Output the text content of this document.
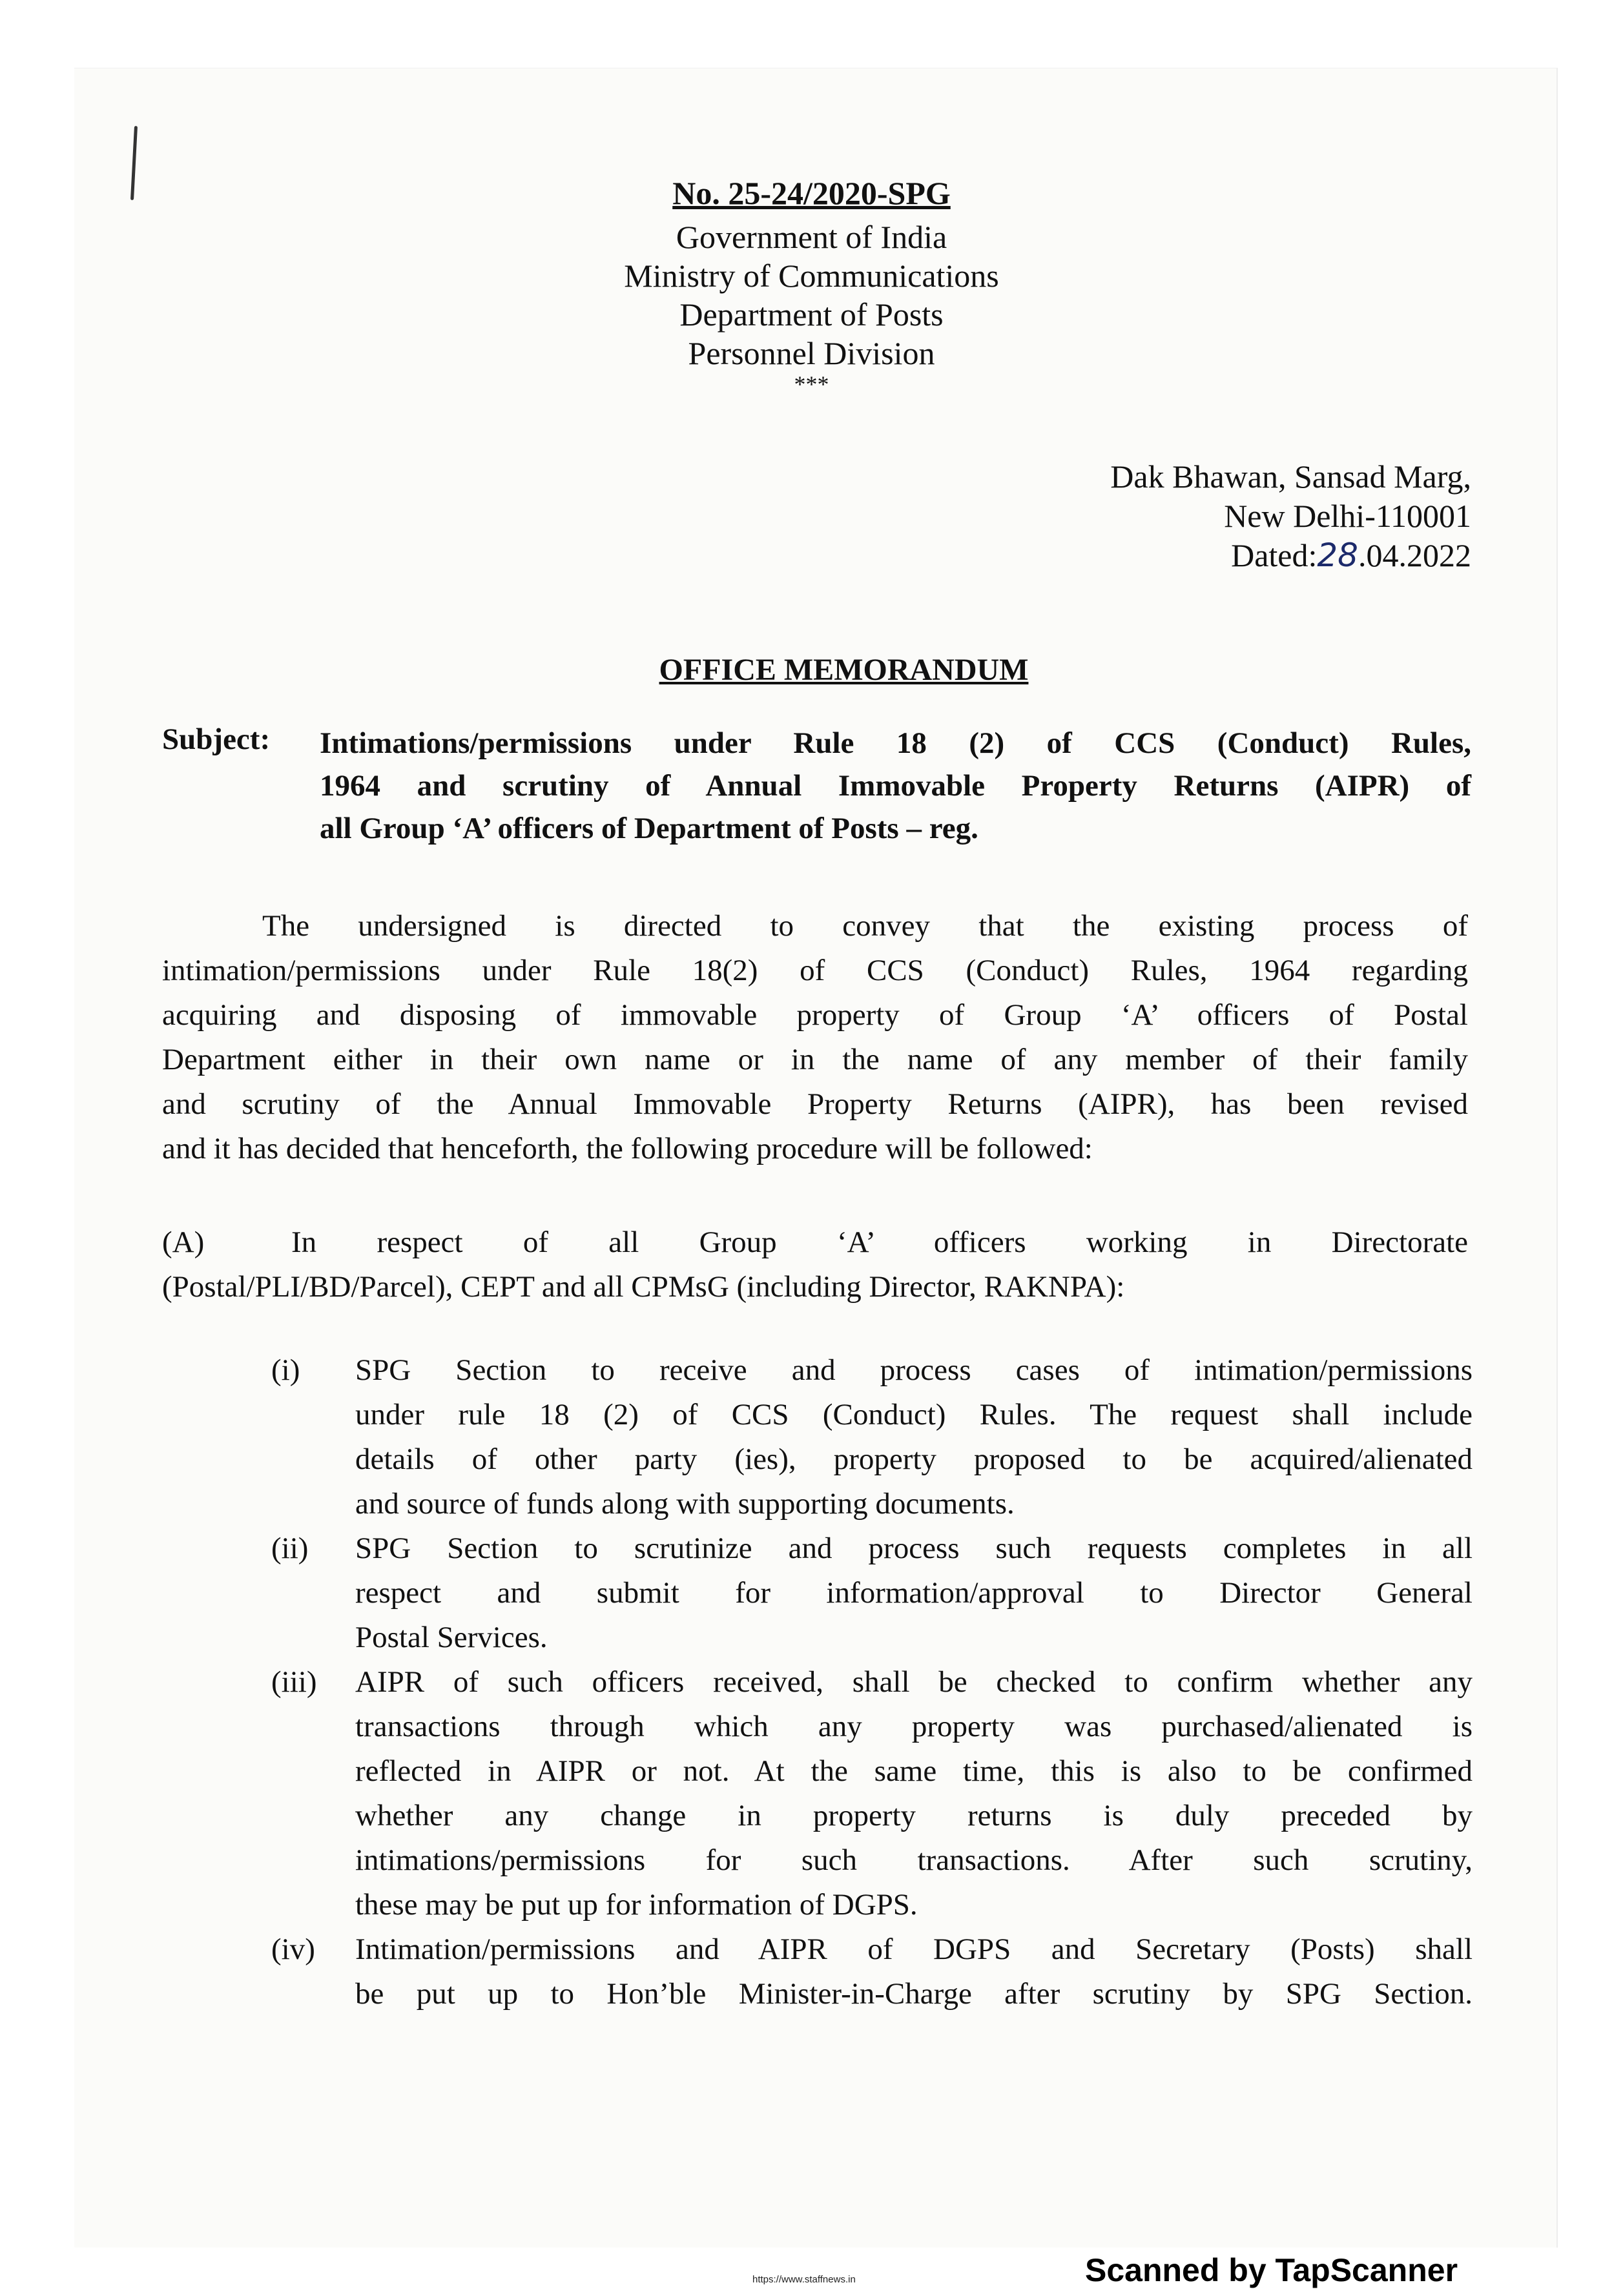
No. 25-24/2020-SPG
Government of India
Ministry of Communications
Department of Posts
Personnel Division
***
Dak Bhawan, Sansad Marg,
New Delhi-110001
Dated:28.04.2022
OFFICE MEMORANDUM
Subject: Intimations/permissions under Rule 18 (2) of CCS (Conduct) Rules,
1964 and scrutiny of Annual Immovable Property Returns (AIPR) of
all Group ‘A’ officers of Department of Posts – reg.
The undersigned is directed to convey that the existing process of
intimation/permissions under Rule 18(2) of CCS (Conduct) Rules, 1964 regarding
acquiring and disposing of immovable property of Group ‘A’ officers of Postal
Department either in their own name or in the name of any member of their family
and scrutiny of the Annual Immovable Property Returns (AIPR), has been revised
and it has decided that henceforth, the following procedure will be followed:
(A)	In respect of all Group ‘A’ officers working in Directorate
(Postal/PLI/BD/Parcel), CEPT and all CPMsG (including Director, RAKNPA):
(i)	SPG Section to receive and process cases of intimation/permissions
under rule 18 (2) of CCS (Conduct) Rules. The request shall include
details of other party (ies), property proposed to be acquired/alienated
and source of funds along with supporting documents.
(ii)	SPG Section to scrutinize and process such requests completes in all
respect and submit for information/approval to Director General
Postal Services.
(iii)	AIPR of such officers received, shall be checked to confirm whether any
transactions through which any property was purchased/alienated is
reflected in AIPR or not. At the same time, this is also to be confirmed
whether any change in property returns is duly preceded by
intimations/permissions for such transactions. After such scrutiny,
these may be put up for information of DGPS.
(iv)	Intimation/permissions and AIPR of DGPS and Secretary (Posts) shall
be put up to Hon’ble Minister-in-Charge after scrutiny by SPG Section.
https://www.staffnews.in	Scanned by TapScanner
